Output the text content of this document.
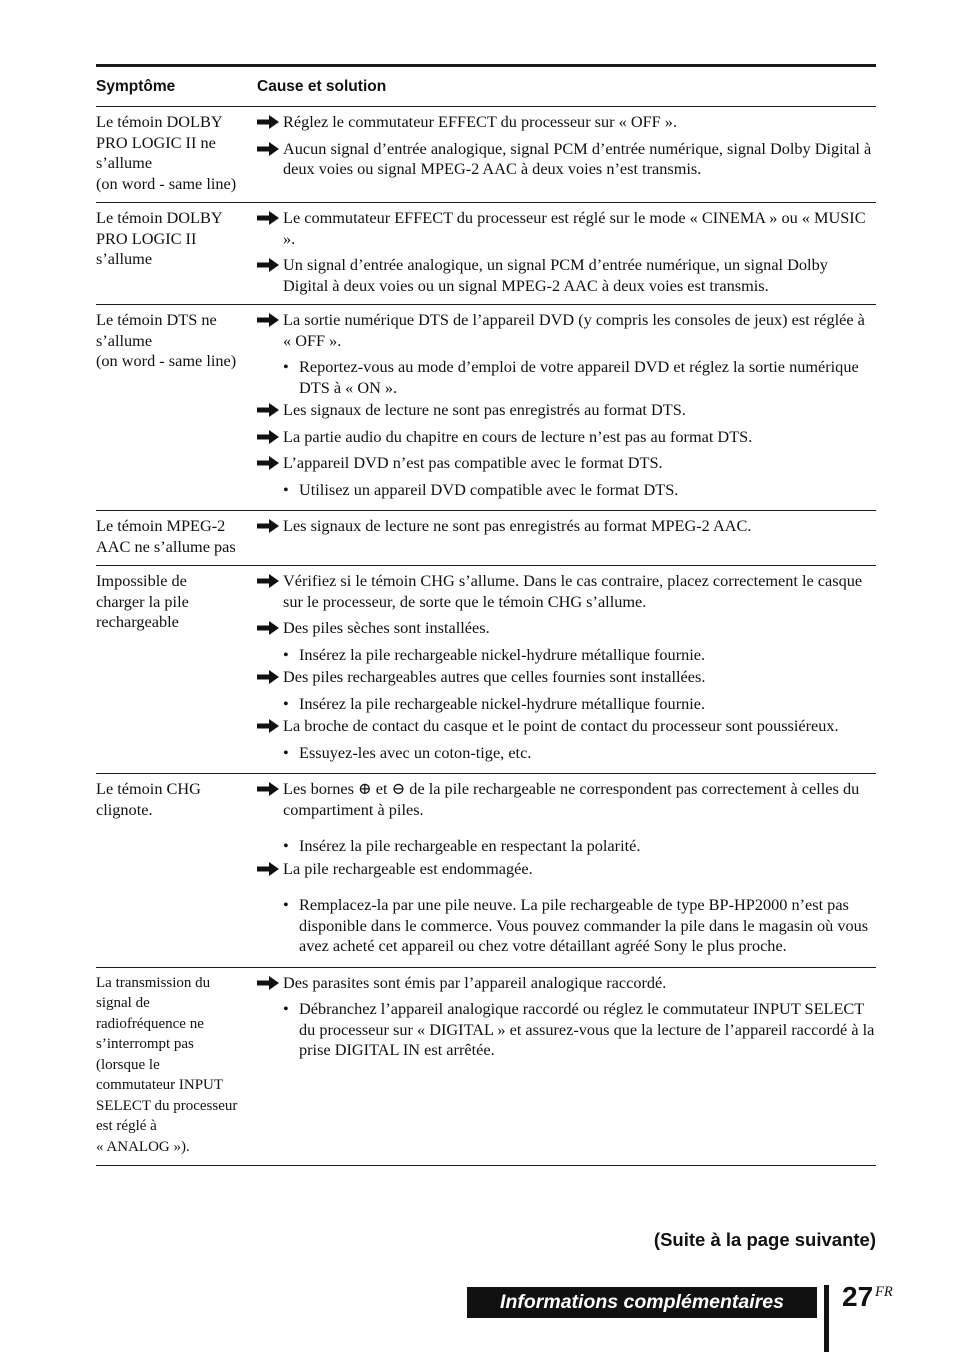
Symptôme	Cause et solution
Le témoin DOLBY
PRO LOGIC II ne
s’allume
(on word - same line)
Réglez le commutateur EFFECT du processeur sur « OFF ».
Aucun signal d’entrée analogique, signal PCM d’entrée numérique, signal Dolby Digital à deux voies ou signal MPEG-2 AAC à deux voies n’est transmis.
Le témoin DOLBY
PRO LOGIC II
s’allume
Le commutateur EFFECT du processeur est réglé sur le mode « CINEMA » ou « MUSIC ».
Un signal d’entrée analogique, un signal PCM d’entrée numérique, un signal Dolby Digital à deux voies ou un signal MPEG-2 AAC à deux voies est transmis.
Le témoin DTS ne
s’allume
(on word - same line)
La sortie numérique DTS de l’appareil DVD (y compris les consoles de jeux) est réglée à « OFF ».
• Reportez-vous au mode d’emploi de votre appareil DVD et réglez la sortie numérique DTS à « ON ».
Les signaux de lecture ne sont pas enregistrés au format DTS.
La partie audio du chapitre en cours de lecture n’est pas au format DTS.
L’appareil DVD n’est pas compatible avec le format DTS.
• Utilisez un appareil DVD compatible avec le format DTS.
Le témoin MPEG-2
AAC ne s’allume pas
Les signaux de lecture ne sont pas enregistrés au format MPEG-2 AAC.
Impossible de
charger la pile
rechargeable
Vérifiez si le témoin CHG s’allume. Dans le cas contraire, placez correctement le casque sur le processeur, de sorte que le témoin CHG s’allume.
Des piles sèches sont installées.
• Insérez la pile rechargeable nickel-hydrure métallique fournie.
Des piles rechargeables autres que celles fournies sont installées.
• Insérez la pile rechargeable nickel-hydrure métallique fournie.
La broche de contact du casque et le point de contact du processeur sont poussiéreux.
• Essuyez-les avec un coton-tige, etc.
Le témoin CHG
clignote.
Les bornes ⊕ et ⊖ de la pile rechargeable ne correspondent pas correctement à celles du compartiment à piles.
• Insérez la pile rechargeable en respectant la polarité.
La pile rechargeable est endommagée.
• Remplacez-la par une pile neuve. La pile rechargeable de type BP-HP2000 n’est pas disponible dans le commerce. Vous pouvez commander la pile dans le magasin où vous avez acheté cet appareil ou chez votre détaillant agréé Sony le plus proche.
La transmission du
signal de
radiofréquence ne
s’interrompt pas
(lorsque le
commutateur INPUT
SELECT du processeur
est réglé à
« ANALOG »).
Des parasites sont émis par l’appareil analogique raccordé.
• Débranchez l’appareil analogique raccordé ou réglez le commutateur INPUT SELECT du processeur sur « DIGITAL » et assurez-vous que la lecture de l’appareil raccordé à la prise DIGITAL IN est arrêtée.
(Suite à la page suivante)
Informations complémentaires 27 FR
